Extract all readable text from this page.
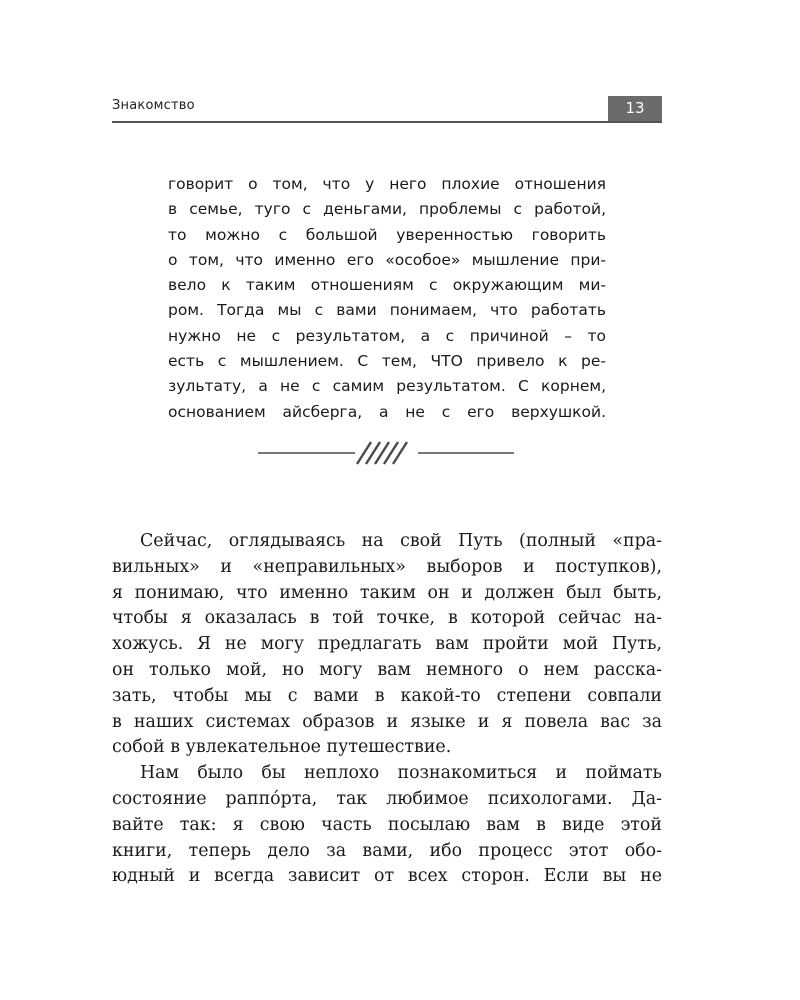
Знакомство	13
говорит о том, что у него плохие отношения
в семье, туго с деньгами, проблемы с работой,
то можно с большой уверенностью говорить
о том, что именно его «особое» мышление при-
вело к таким отношениям с окружающим ми-
ром. Тогда мы с вами понимаем, что работать
нужно не с результатом, а с причиной – то
есть с мышлением. С тем, ЧТО привело к ре-
зультату, а не с самим результатом. С корнем,
основанием айсберга, а не с его верхушкой.
Сейчас, оглядываясь на свой Путь (полный «пра-
вильных» и «неправильных» выборов и поступков),
я понимаю, что именно таким он и должен был быть,
чтобы я оказалась в той точке, в которой сейчас на-
хожусь. Я не могу предлагать вам пройти мой Путь,
он только мой, но могу вам немного о нем расска-
зать, чтобы мы с вами в какой-то степени совпали
в наших системах образов и языке и я повела вас за
собой в увлекательное путешествие.
Нам было бы неплохо познакомиться и поймать
состояние раппóрта, так любимое психологами. Да-
вайте так: я свою часть посылаю вам в виде этой
книги, теперь дело за вами, ибо процесс этот обо-
юдный и всегда зависит от всех сторон. Если вы не
